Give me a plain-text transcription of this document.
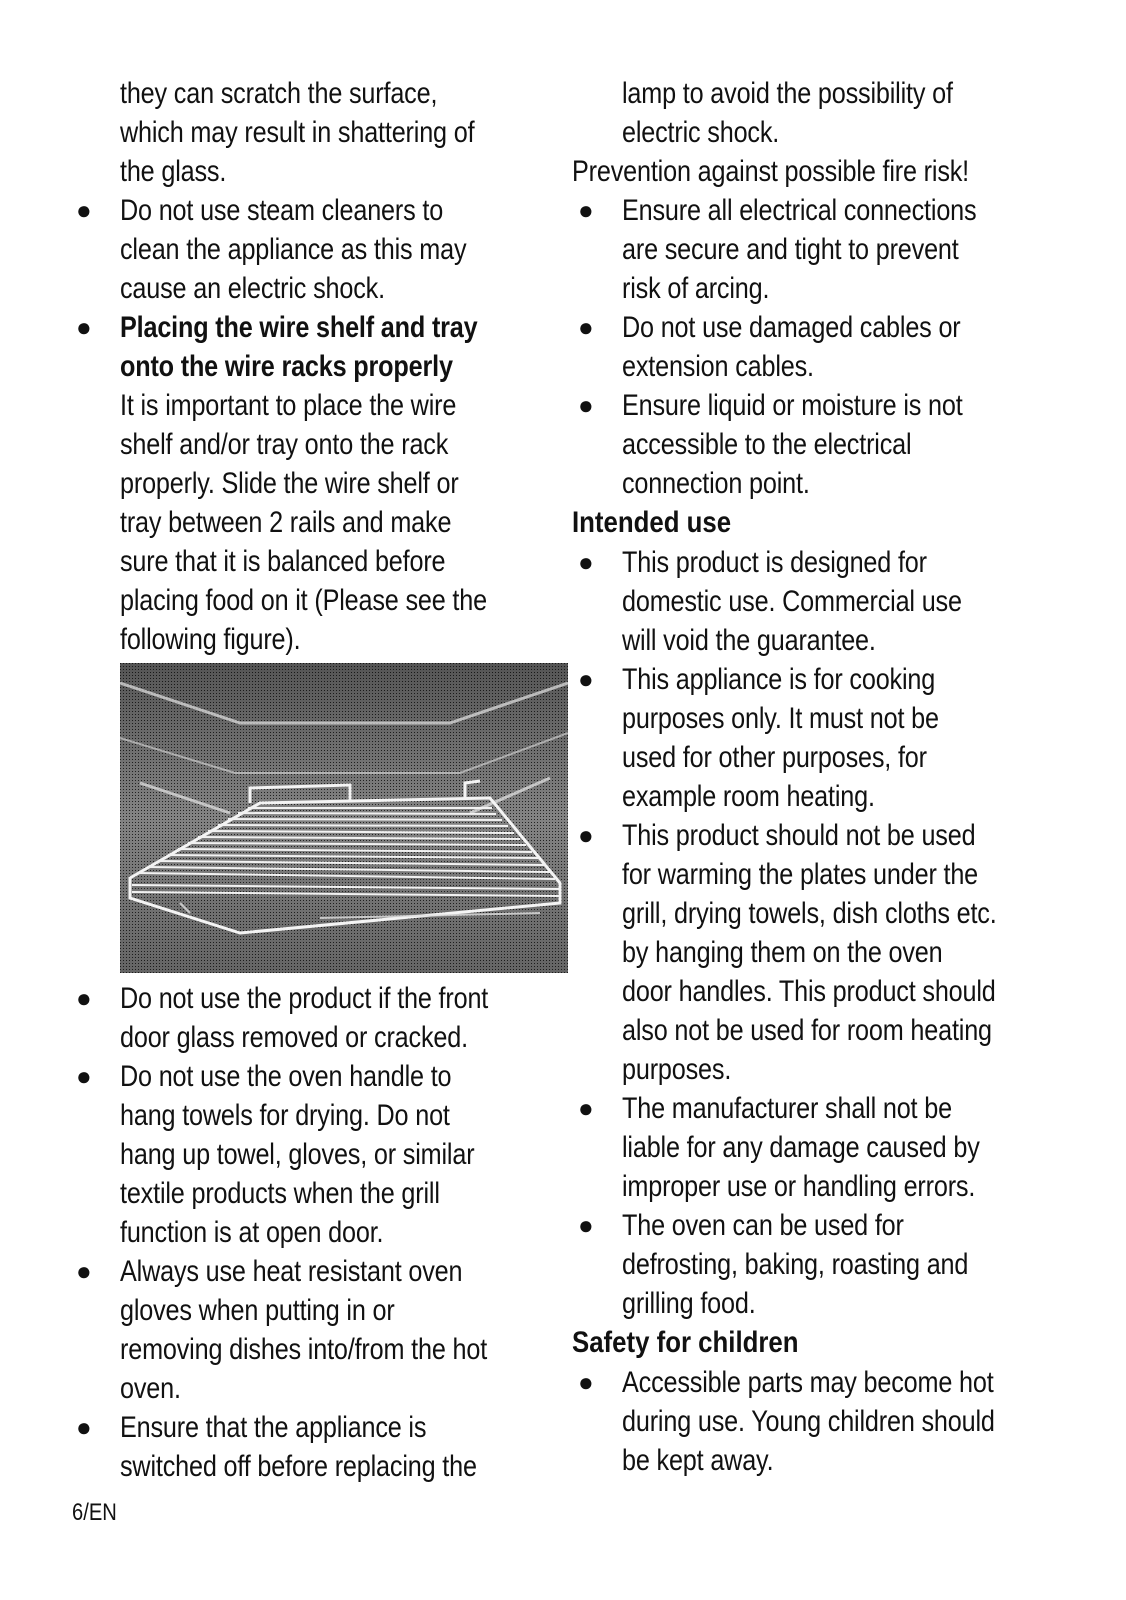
they can scratch the surface,
which may result in shattering of
the glass.
● Do not use steam cleaners to
clean the appliance as this may
cause an electric shock.
● Placing the wire shelf and tray
onto the wire racks properly
It is important to place the wire
shelf and/or tray onto the rack
properly. Slide the wire shelf or
tray between 2 rails and make
sure that it is balanced before
placing food on it (Please see the
following figure).
● Do not use the product if the front
door glass removed or cracked.
● Do not use the oven handle to
hang towels for drying. Do not
hang up towel, gloves, or similar
textile products when the grill
function is at open door.
● Always use heat resistant oven
gloves when putting in or
removing dishes into/from the hot
oven.
● Ensure that the appliance is
switched off before replacing the
lamp to avoid the possibility of
electric shock.
Prevention against possible fire risk!
● Ensure all electrical connections
are secure and tight to prevent
risk of arcing.
● Do not use damaged cables or
extension cables.
● Ensure liquid or moisture is not
accessible to the electrical
connection point.
Intended use
● This product is designed for
domestic use. Commercial use
will void the guarantee.
● This appliance is for cooking
purposes only. It must not be
used for other purposes, for
example room heating.
● This product should not be used
for warming the plates under the
grill, drying towels, dish cloths etc.
by hanging them on the oven
door handles. This product should
also not be used for room heating
purposes.
● The manufacturer shall not be
liable for any damage caused by
improper use or handling errors.
● The oven can be used for
defrosting, baking, roasting and
grilling food.
Safety for children
● Accessible parts may become hot
during use. Young children should
be kept away.
6/EN
